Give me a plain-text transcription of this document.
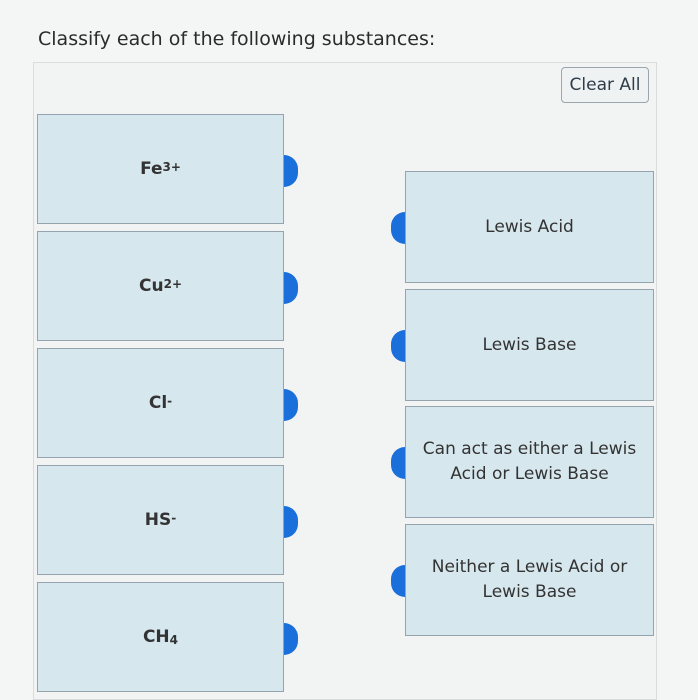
Classify each of the following substances:
Clear All
$Fe^{3+}$
$Cu^{2+}$
Cl-
HS-
$CH_4$
Lewis Acid
Lewis Base
Can act as either a Lewis Acid or Lewis Base
Neither a Lewis Acid or Lewis Base
